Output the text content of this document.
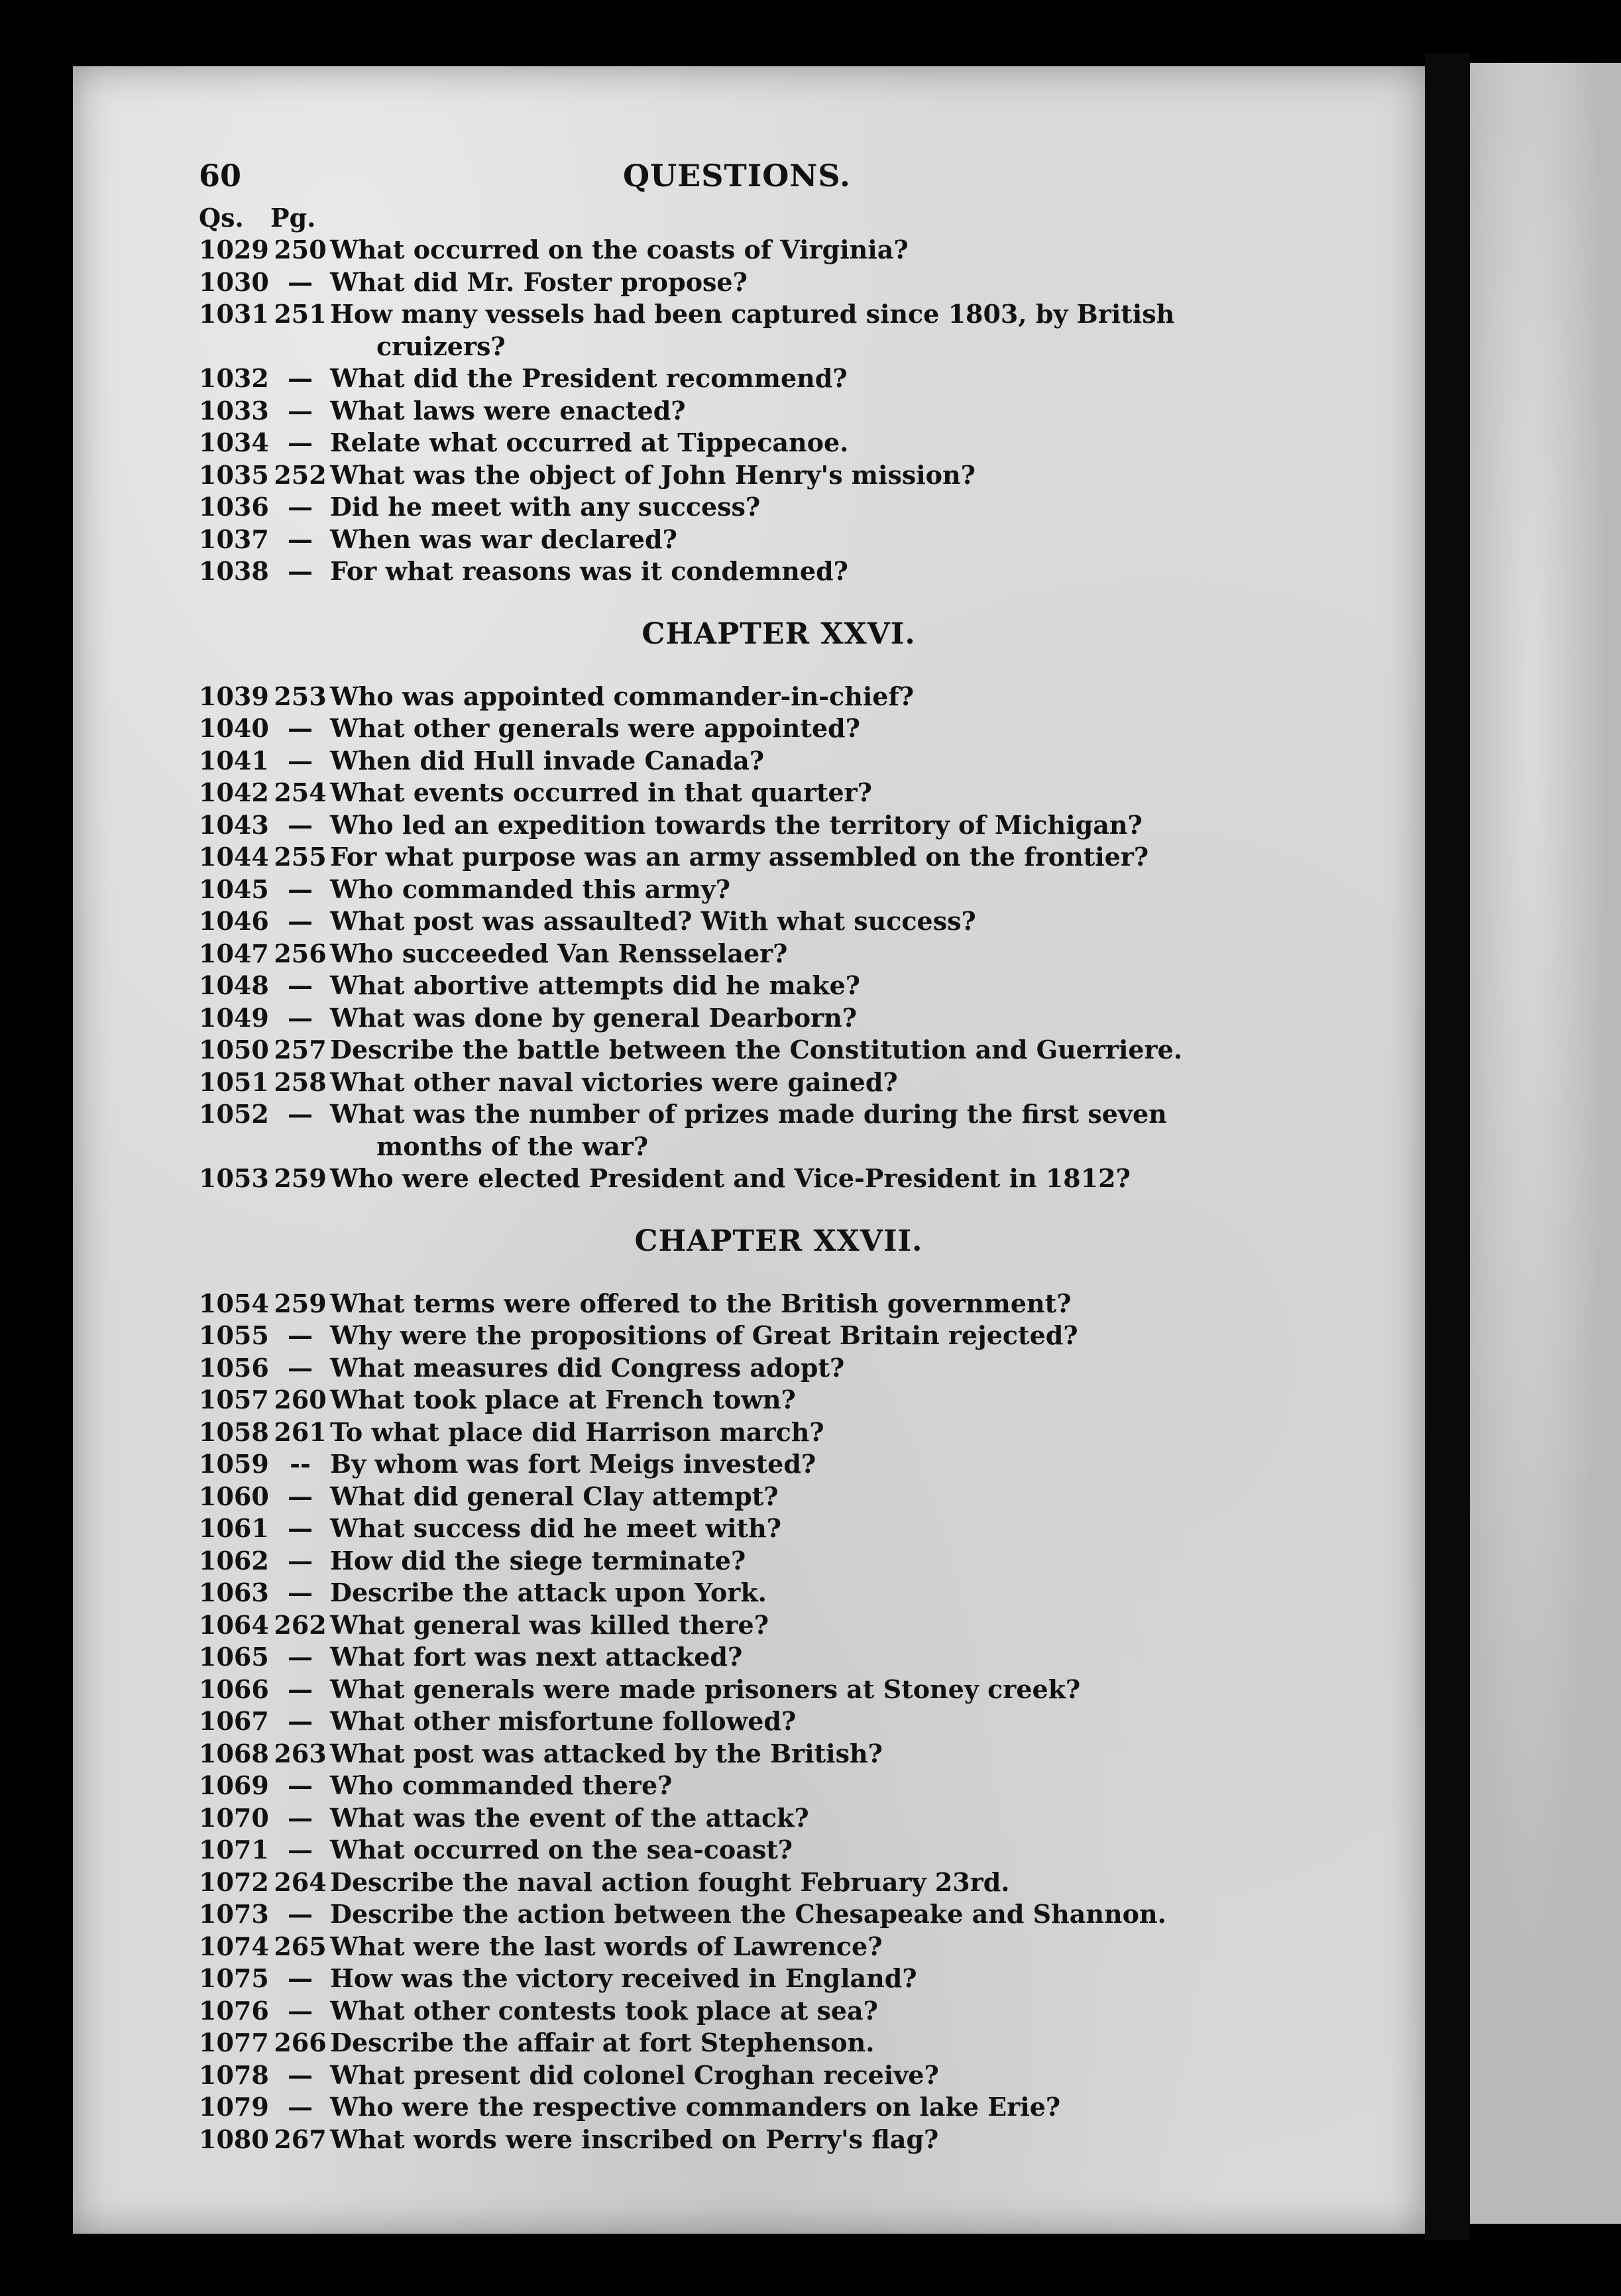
60	QUESTIONS.
Qs. Pg.
1029 250 What occurred on the coasts of Virginia?
1030 — What did Mr. Foster propose?
1031 251 How many vessels had been captured since 1803, by British
cruizers?
1032 — What did the President recommend?
1033 — What laws were enacted?
1034 — Relate what occurred at Tippecanoe.
1035 252 What was the object of John Henry's mission?
1036 — Did he meet with any success?
1037 — When was war declared?
1038 — For what reasons was it condemned?
CHAPTER XXVI.
1039 253 Who was appointed commander-in-chief?
1040 — What other generals were appointed?
1041 — When did Hull invade Canada?
1042 254 What events occurred in that quarter?
1043 — Who led an expedition towards the territory of Michigan?
1044 255 For what purpose was an army assembled on the frontier?
1045 — Who commanded this army?
1046 — What post was assaulted? With what success?
1047 256 Who succeeded Van Rensselaer?
1048 — What abortive attempts did he make?
1049 — What was done by general Dearborn?
1050 257 Describe the battle between the Constitution and Guerriere.
1051 258 What other naval victories were gained?
1052 — What was the number of prizes made during the first seven
months of the war?
1053 259 Who were elected President and Vice-President in 1812?
CHAPTER XXVII.
1054 259 What terms were offered to the British government?
1055 — Why were the propositions of Great Britain rejected?
1056 — What measures did Congress adopt?
1057 260 What took place at French town?
1058 261 To what place did Harrison march?
1059 -- By whom was fort Meigs invested?
1060 — What did general Clay attempt?
1061 — What success did he meet with?
1062 — How did the siege terminate?
1063 — Describe the attack upon York.
1064 262 What general was killed there?
1065 — What fort was next attacked?
1066 — What generals were made prisoners at Stoney creek?
1067 — What other misfortune followed?
1068 263 What post was attacked by the British?
1069 — Who commanded there?
1070 — What was the event of the attack?
1071 — What occurred on the sea-coast?
1072 264 Describe the naval action fought February 23rd.
1073 — Describe the action between the Chesapeake and Shannon.
1074 265 What were the last words of Lawrence?
1075 — How was the victory received in England?
1076 — What other contests took place at sea?
1077 266 Describe the affair at fort Stephenson.
1078 — What present did colonel Croghan receive?
1079 — Who were the respective commanders on lake Erie?
1080 267 What words were inscribed on Perry's flag?
